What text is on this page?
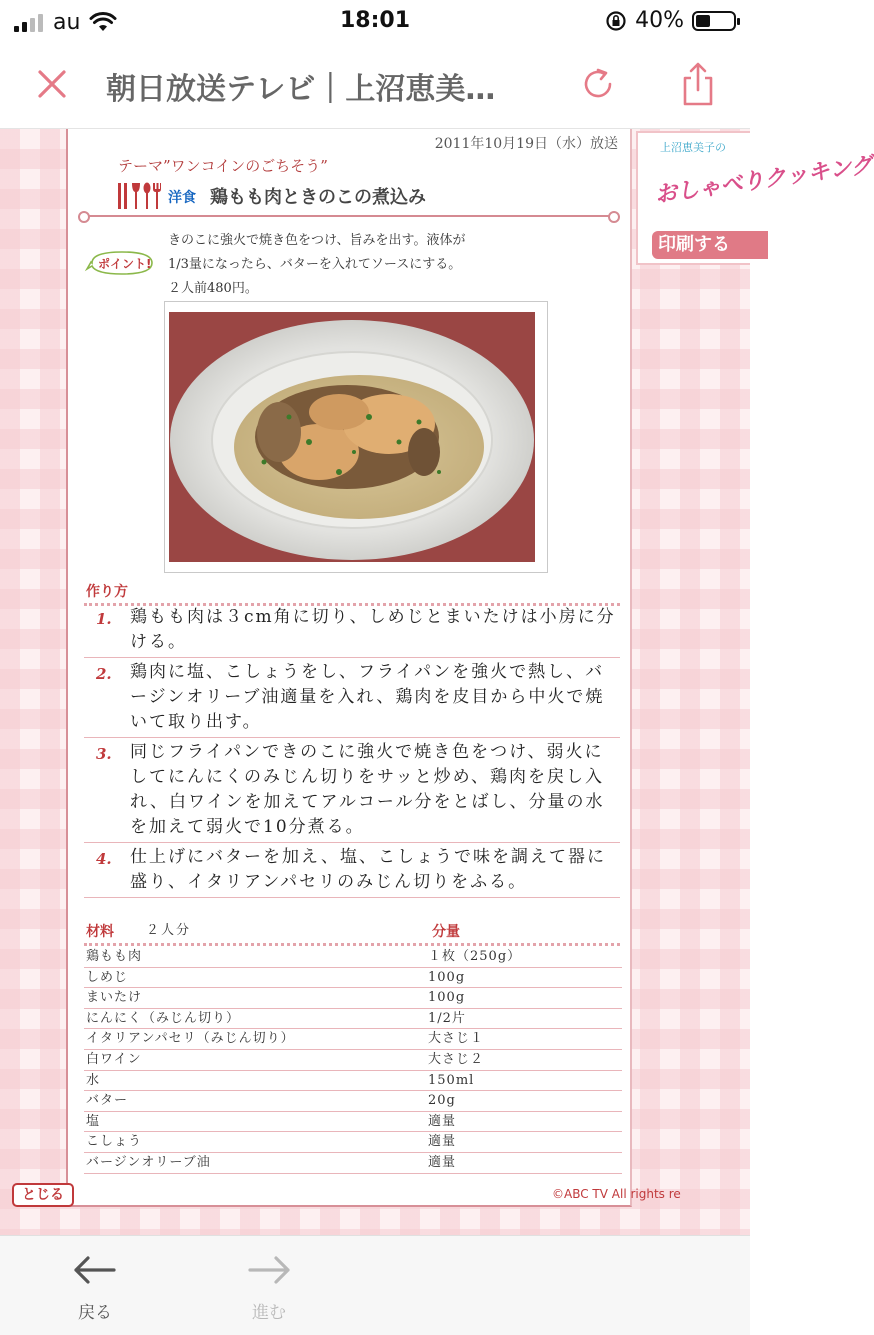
au	18:01	40%
朝日放送テレビ｜上沼恵美…
2011年10月19日（水）放送
テーマ”ワンコインのごちそう”
洋食 鶏もも肉ときのこの煮込み
ポイント!
きのこに強火で焼き色をつけ、旨みを出す。液体が
1/3量になったら、バターを入れてソースにする。
２人前480円。
作り方
1. 鶏もも肉は３cm角に切り、しめじとまいたけは小房に分ける。
2. 鶏肉に塩、こしょうをし、フライパンを強火で熱し、バージンオリーブ油適量を入れ、鶏肉を皮目から中火で焼いて取り出す。
3. 同じフライパンできのこに強火で焼き色をつけ、弱火にしてにんにくのみじん切りをサッと炒め、鶏肉を戻し入れ、白ワインを加えてアルコール分をとばし、分量の水を加えて弱火で10分煮る。
4. 仕上げにバターを加え、塩、こしょうで味を調えて器に盛り、イタリアンパセリのみじん切りをふる。
材料 ２人分	分量
鶏もも肉	１枚（250g）
しめじ	100g
まいたけ	100g
にんにく（みじん切り）	1/2片
イタリアンパセリ（みじん切り）	大さじ１
白ワイン	大さじ２
水	150ml
バター	20g
塩	適量
こしょう	適量
バージンオリーブ油	適量
とじる	©ABC TV All rights re
上沼恵美子の
おしゃべりクッキング
印刷する
戻る	進む
